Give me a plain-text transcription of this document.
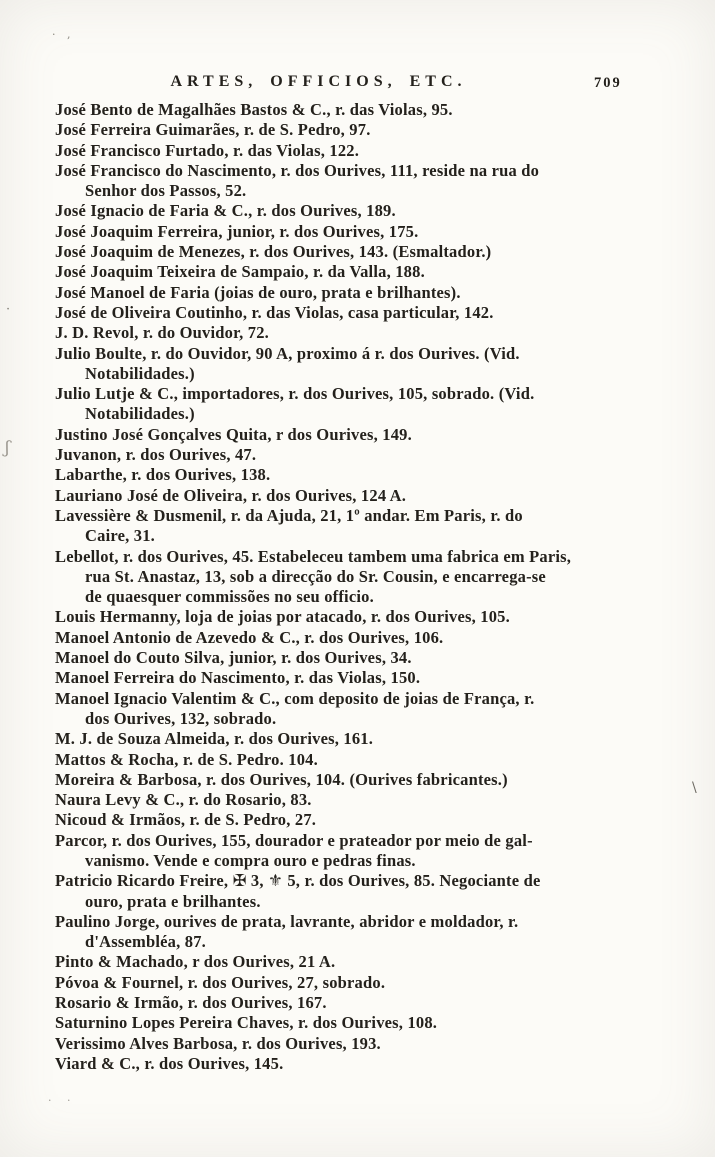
ARTES, OFFICIOS, ETC.	709

José Bento de Magalhães Bastos & C., r. das Violas, 95.

José Ferreira Guimarães, r. de S. Pedro, 97.

José Francisco Furtado, r. das Violas, 122.

José Francisco do Nascimento, r. dos Ourives, 111, reside na rua do
Senhor dos Passos, 52.

José Ignacio de Faria & C., r. dos Ourives, 189.

José Joaquim Ferreira, junior, r. dos Ourives, 175.

José Joaquim de Menezes, r. dos Ourives, 143. (Esmaltador.)

José Joaquim Teixeira de Sampaio, r. da Valla, 188.

José Manoel de Faria (joias de ouro, prata e brilhantes).

José de Oliveira Coutinho, r. das Violas, casa particular, 142.

J. D. Revol, r. do Ouvidor, 72.

Julio Boulte, r. do Ouvidor, 90 A, proximo á r. dos Ourives. (Vid.
Notabilidades.)

Julio Lutje & C., importadores, r. dos Ourives, 105, sobrado. (Vid.
Notabilidades.)

Justino José Gonçalves Quita, r dos Ourives, 149.

Juvanon, r. dos Ourives, 47.

Labarthe, r. dos Ourives, 138.

Lauriano José de Oliveira, r. dos Ourives, 124 A.

Lavessière & Dusmenil, r. da Ajuda, 21, 1º andar. Em Paris, r. do
Caire, 31.

Lebellot, r. dos Ourives, 45. Estabeleceu tambem uma fabrica em Paris,
rua St. Anastaz, 13, sob a direcção do Sr. Cousin, e encarrega-se
de quaesquer commissões no seu officio.

Louis Hermanny, loja de joias por atacado, r. dos Ourives, 105.

Manoel Antonio de Azevedo & C., r. dos Ourives, 106.

Manoel do Couto Silva, junior, r. dos Ourives, 34.

Manoel Ferreira do Nascimento, r. das Violas, 150.

Manoel Ignacio Valentim & C., com deposito de joias de França, r.
dos Ourives, 132, sobrado.

M. J. de Souza Almeida, r. dos Ourives, 161.

Mattos & Rocha, r. de S. Pedro. 104.

Moreira & Barbosa, r. dos Ourives, 104. (Ourives fabricantes.)

Naura Levy & C., r. do Rosario, 83.

Nicoud & Irmãos, r. de S. Pedro, 27.

Parcor, r. dos Ourives, 155, dourador e prateador por meio de gal-
vanismo. Vende e compra ouro e pedras finas.

Patricio Ricardo Freire, ✠ 3, ⚜ 5, r. dos Ourives, 85. Negociante de
ouro, prata e brilhantes.

Paulino Jorge, ourives de prata, lavrante, abridor e moldador, r.
d'Assembléa, 87.

Pinto & Machado, r dos Ourives, 21 A.

Póvoa & Fournel, r. dos Ourives, 27, sobrado.

Rosario & Irmão, r. dos Ourives, 167.

Saturnino Lopes Pereira Chaves, r. dos Ourives, 108.

Verissimo Alves Barbosa, r. dos Ourives, 193.

Viard & C., r. dos Ourives, 145.

· ,
ʃ
\
·
· ·
